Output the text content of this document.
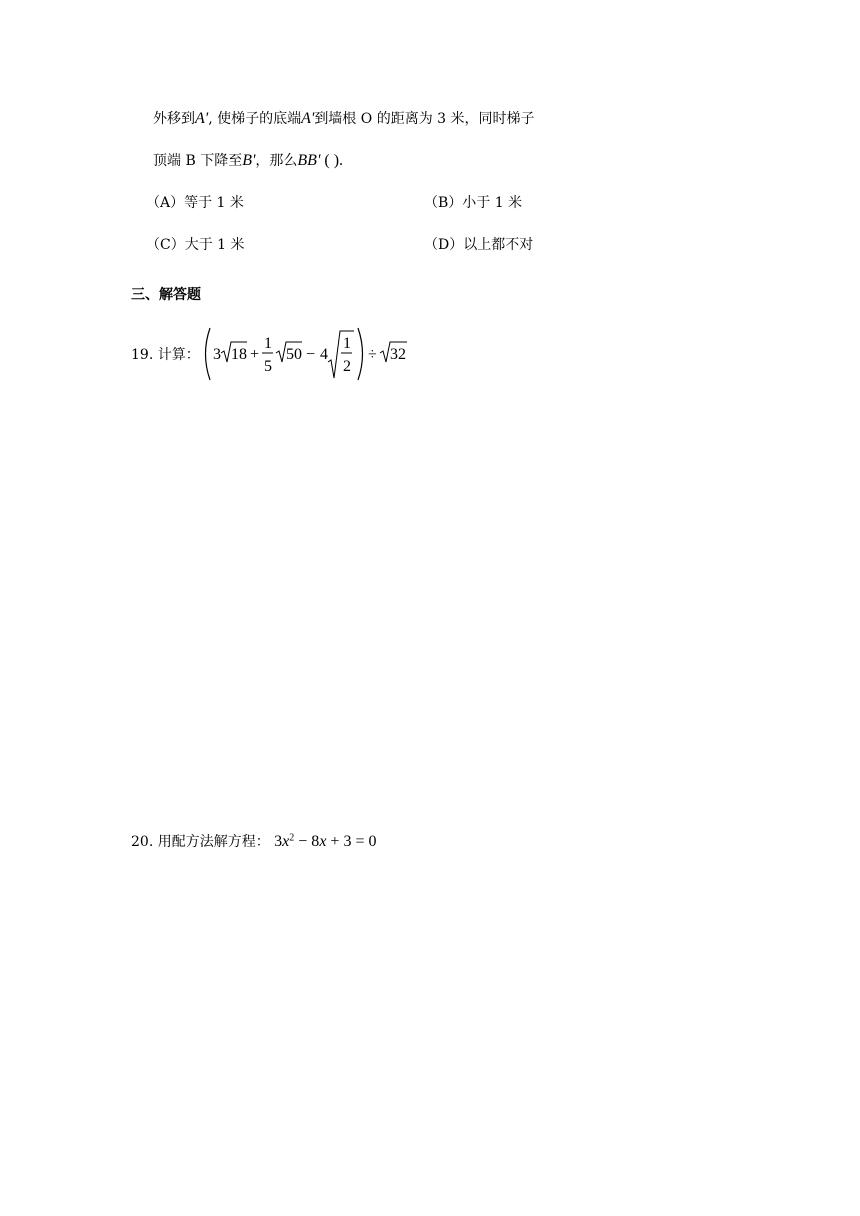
外移到A', 使梯子的底端A'到墙根 O 的距离为 3 米，同时梯子
顶端 B 下降至B'，那么BB' ( ).
（A）等于 1 米	（B）小于 1 米
（C）大于 1 米	（D）以上都不对
三、解答题
19. 计算： 3 18 +
1
5
50 − 4
1
2
÷ 32
20. 用配方法解方程： $3x^2 - 8x + 3 = 0$
